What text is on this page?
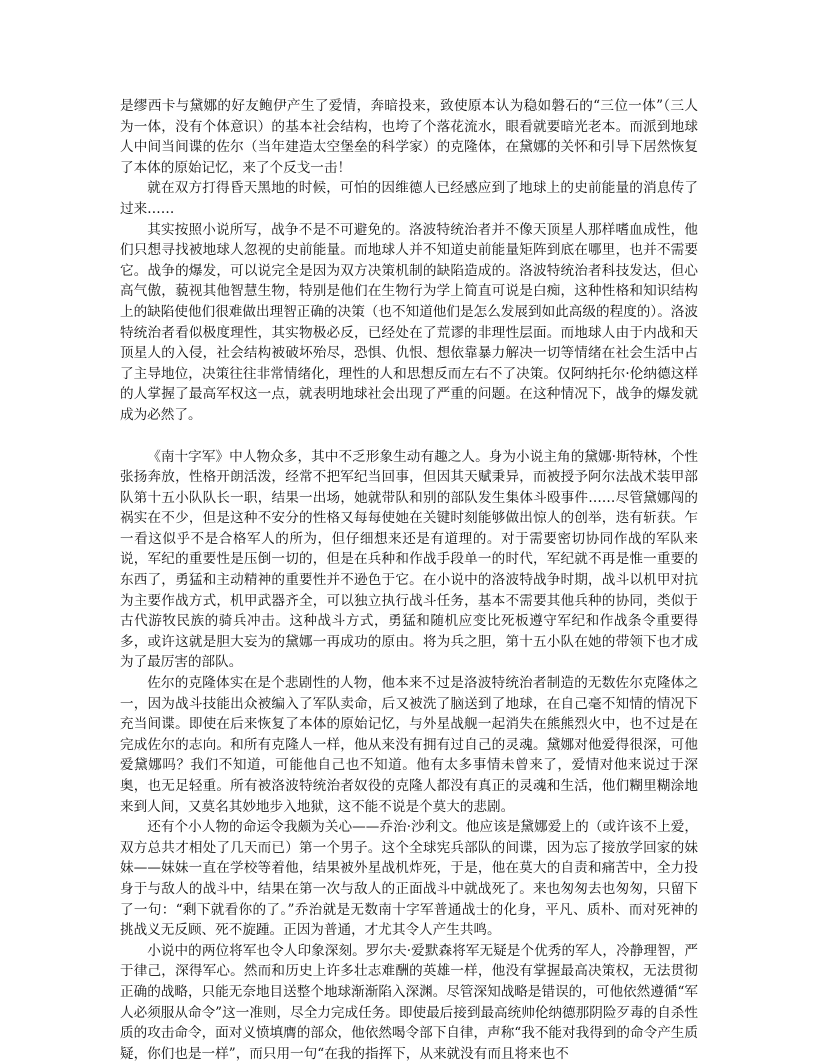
是缪西卡与黛娜的好友鲍伊产生了爱情，奔暗投来，致使原本认为稳如磐石的“三位一体”（三人为一体，没有个体意识）的基本社会结构，也垮了个落花流水，眼看就要暗光老本。而派到地球人中间当间谍的佐尔（当年建造太空堡垒的科学家）的克隆体，在黛娜的关怀和引导下居然恢复了本体的原始记忆，来了个反戈一击！

就在双方打得昏天黑地的时候，可怕的因维德人已经感应到了地球上的史前能量的消息传了过来……

其实按照小说所写，战争不是不可避免的。洛波特统治者并不像天顶星人那样嗜血成性，他们只想寻找被地球人忽视的史前能量。而地球人并不知道史前能量矩阵到底在哪里，也并不需要它。战争的爆发，可以说完全是因为双方决策机制的缺陷造成的。洛波特统治者科技发达，但心高气傲，藐视其他智慧生物，特别是他们在生物行为学上简直可说是白痴，这种性格和知识结构上的缺陷使他们很难做出理智正确的决策（也不知道他们是怎么发展到如此高级的程度的）。洛波特统治者看似极度理性，其实物极必反，已经处在了荒谬的非理性层面。而地球人由于内战和天顶星人的入侵，社会结构被破坏殆尽，恐惧、仇恨、想依靠暴力解决一切等情绪在社会生活中占了主导地位，决策往往非常情绪化，理性的人和思想反而左右不了决策。仅阿纳托尔·伦纳德这样的人掌握了最高军权这一点，就表明地球社会出现了严重的问题。在这种情况下，战争的爆发就成为必然了。

《南十字军》中人物众多，其中不乏形象生动有趣之人。身为小说主角的黛娜·斯特林，个性张扬奔放，性格开朗活泼，经常不把军纪当回事，但因其天赋秉异，而被授予阿尔法战术装甲部队第十五小队队长一职，结果一出场，她就带队和别的部队发生集体斗殴事件……尽管黛娜闯的祸实在不少，但是这种不安分的性格又每每使她在关键时刻能够做出惊人的创举，迭有斩获。乍一看这似乎不是合格军人的所为，但仔细想来还是有道理的。对于需要密切协同作战的军队来说，军纪的重要性是压倒一切的，但是在兵种和作战手段单一的时代，军纪就不再是惟一重要的东西了，勇猛和主动精神的重要性并不逊色于它。在小说中的洛波特战争时期，战斗以机甲对抗为主要作战方式，机甲武器齐全，可以独立执行战斗任务，基本不需要其他兵种的协同，类似于古代游牧民族的骑兵冲击。这种战斗方式，勇猛和随机应变比死板遵守军纪和作战条令重要得多，或许这就是胆大妄为的黛娜一再成功的原由。将为兵之胆，第十五小队在她的带领下也才成为了最厉害的部队。

佐尔的克隆体实在是个悲剧性的人物，他本来不过是洛波特统治者制造的无数佐尔克隆体之一，因为战斗技能出众被编入了军队卖命，后又被洗了脑送到了地球，在自己毫不知情的情况下充当间谍。即使在后来恢复了本体的原始记忆，与外星战舰一起消失在熊熊烈火中，也不过是在完成佐尔的志向。和所有克隆人一样，他从来没有拥有过自己的灵魂。黛娜对他爱得很深，可他爱黛娜吗？我们不知道，可能他自己也不知道。他有太多事情未曾来了，爱情对他来说过于深奥，也无足轻重。所有被洛波特统治者奴役的克隆人都没有真正的灵魂和生活，他们糊里糊涂地来到人间，又莫名其妙地步入地狱，这不能不说是个莫大的悲剧。

还有个小人物的命运令我颇为关心——乔治·沙利文。他应该是黛娜爱上的（或许该不上爱，双方总共才相处了几天而已）第一个男子。这个全球宪兵部队的间谍，因为忘了接放学回家的妹妹——妹妹一直在学校等着他，结果被外星战机炸死，于是，他在莫大的自责和痛苦中，全力投身于与敌人的战斗中，结果在第一次与敌人的正面战斗中就战死了。来也匆匆去也匆匆，只留下了一句：“剩下就看你的了。”乔治就是无数南十字军普通战士的化身，平凡、质朴、而对死神的挑战义无反顾、死不旋踵。正因为普通，才尤其令人产生共鸣。

小说中的两位将军也令人印象深刻。罗尔夫·爱默森将军无疑是个优秀的军人，冷静理智，严于律己，深得军心。然而和历史上许多壮志难酬的英雄一样，他没有掌握最高决策权，无法贯彻正确的战略，只能无奈地目送整个地球渐渐陷入深渊。尽管深知战略是错误的，可他依然遵循“军人必须服从命令”这一准则，尽全力完成任务。即使最后接到最高统帅伦纳德那阴险歹毒的自杀性质的攻击命令，面对义愤填膺的部众，他依然喝令部下自律，声称“我不能对我得到的命令产生质疑，你们也是一样”，而只用一句“在我的指挥下，从来就没有而且将来也不
